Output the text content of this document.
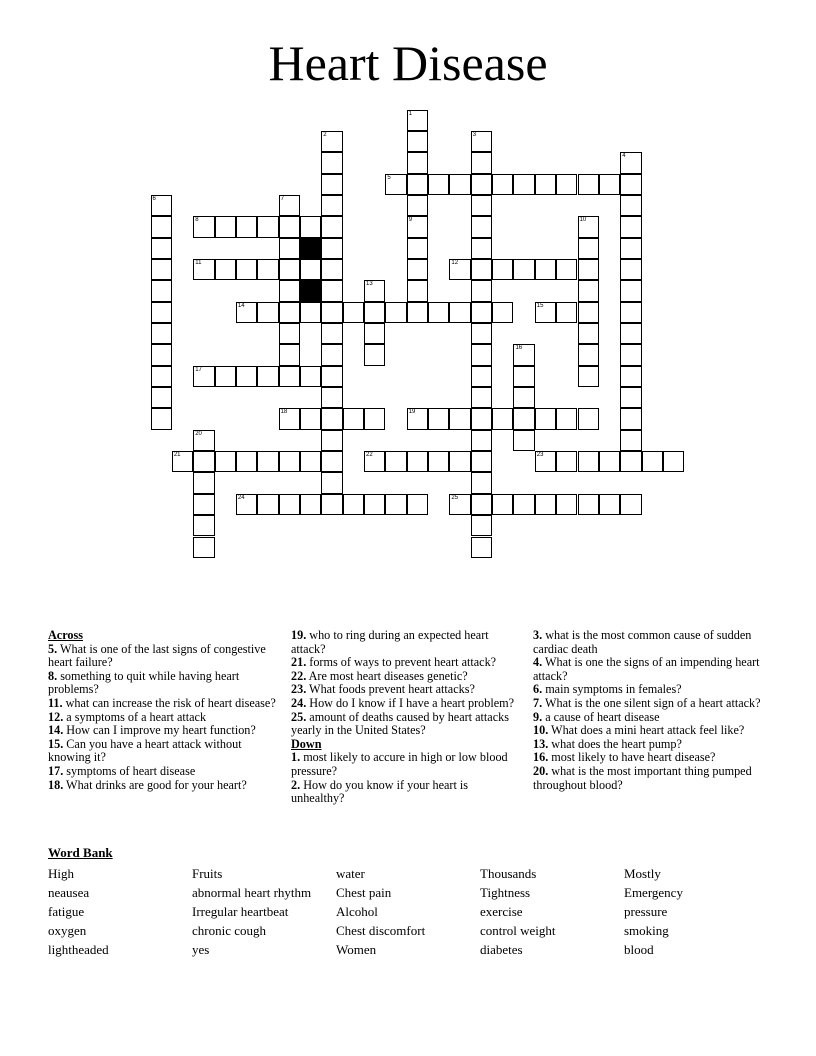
Heart Disease
5
8
11	12
14	15
17
18	19
21	22	23
24	25
1
9
2	3
4
6	7
10
13
16
20
Across
5. What is one of the last signs of congestive heart failure?
8. something to quit while having heart problems?
11. what can increase the risk of heart disease?
12. a symptoms of a heart attack
14. How can I improve my heart function?
15. Can you have a heart attack without knowing it?
17. symptoms of heart disease
18. What drinks are good for your heart?
19. who to ring during an expected heart attack?
21. forms of ways to prevent heart attack?
22. Are most heart diseases genetic?
23. What foods prevent heart attacks?
24. How do I know if I have a heart problem?
25. amount of deaths caused by heart attacks yearly in the United States?
Down
1. most likely to accure in high or low blood pressure?
2. How do you know if your heart is unhealthy?
3. what is the most common cause of sudden cardiac death
4. What is one the signs of an impending heart attack?
6. main symptoms in females?
7. What is the one silent sign of a heart attack?
9. a cause of heart disease
10. What does a mini heart attack feel like?
13. what does the heart pump?
16. most likely to have heart disease?
20. what is the most important thing pumped throughout blood?
Word Bank
High
neausea
fatigue
oxygen
lightheaded
Fruits
abnormal heart rhythm
Irregular heartbeat
chronic cough
yes
water
Chest pain
Alcohol
Chest discomfort
Women
Thousands
Tightness
exercise
control weight
diabetes
Mostly
Emergency
pressure
smoking
blood
